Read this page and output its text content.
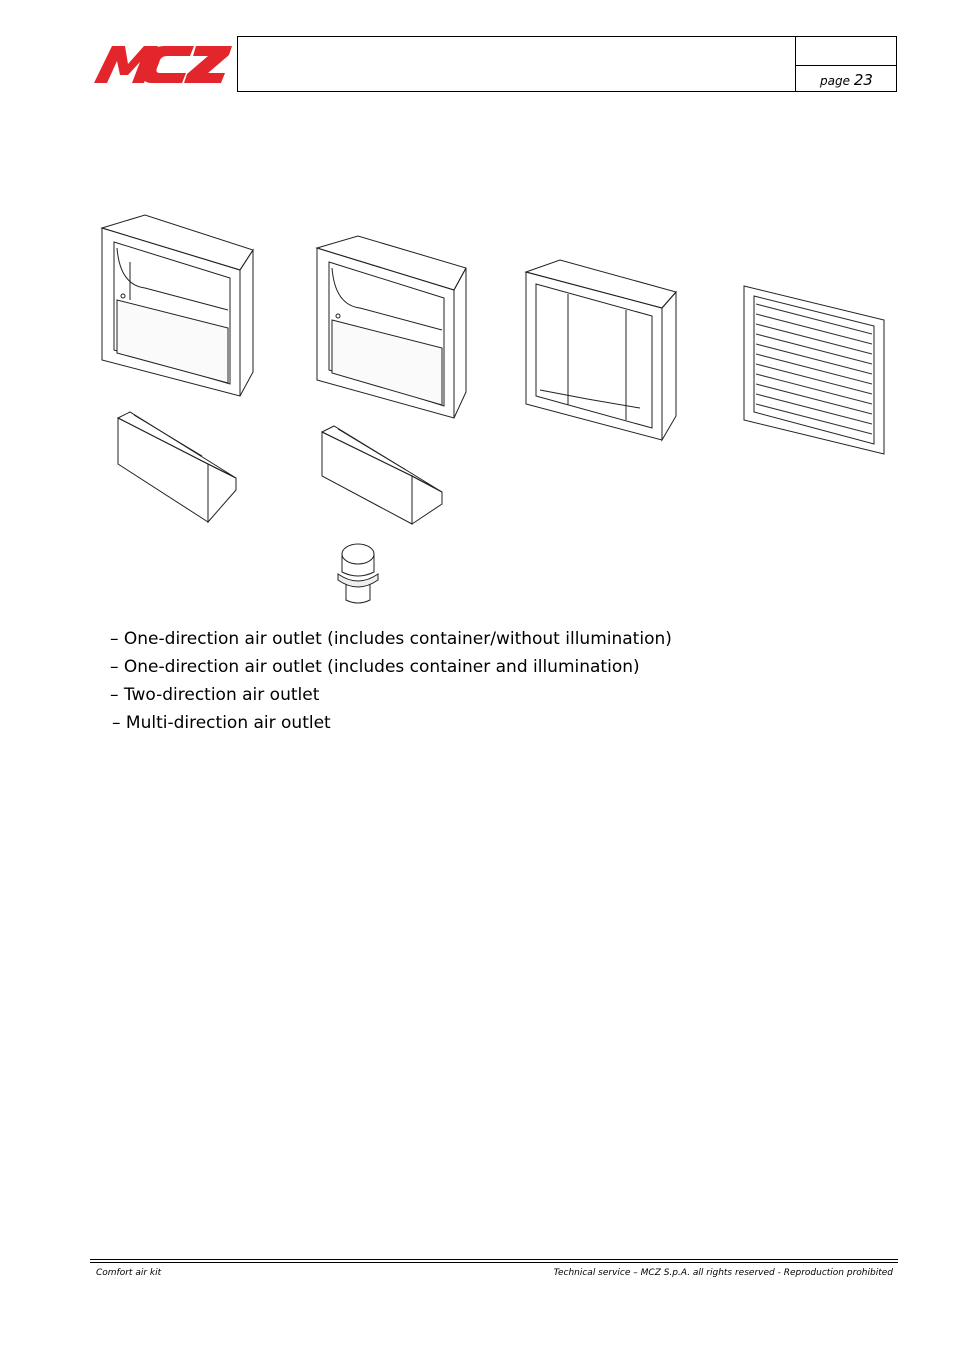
page 23
– One-direction air outlet (includes container/without illumination)
– One-direction air outlet (includes container and illumination)
– Two-direction air outlet
– Multi-direction air outlet
Comfort air kit	Technical service – MCZ S.p.A. all rights reserved - Reproduction prohibited
